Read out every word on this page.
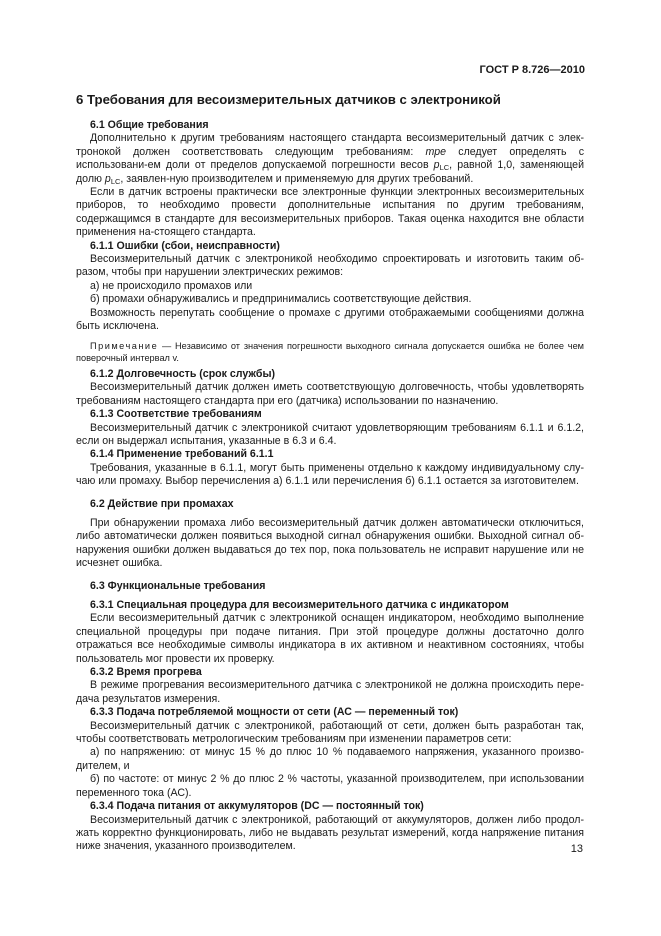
ГОСТ Р 8.726—2010
6 Требования для весоизмерительных датчиков с электроникой
6.1 Общие требования

Дополнительно к другим требованиям настоящего стандарта весоизмерительный датчик с элек-тронокой должен соответствовать следующим требованиям: mpe следует определять с использовани-ем доли от пределов допускаемой погрешности весов $p_{LC}$, равной 1,0, заменяющей долю $p_{LC}$, заявлен-ную производителем и применяемую для других требований.

Если в датчик встроены практически все электронные функции электронных весоизмерительных приборов, то необходимо провести дополнительные испытания по другим требованиям, содержащимся в стандарте для весоизмерительных приборов. Такая оценка находится вне области применения на-стоящего стандарта.

6.1.1 Ошибки (сбои, неисправности)

Весоизмерительный датчик с электроникой необходимо спроектировать и изготовить таким об-разом, чтобы при нарушении электрических режимов:

а) не происходило промахов или

б) промахи обнаруживались и предпринимались соответствующие действия.

Возможность перепутать сообщение о промахе с другими отображаемыми сообщениями должна быть исключена.

Примечание — Независимо от значения погрешности выходного сигнала допускается ошибка не более чем поверочный интервал v.

6.1.2 Долговечность (срок службы)

Весоизмерительный датчик должен иметь соответствующую долговечность, чтобы удовлетворять требованиям настоящего стандарта при его (датчика) использовании по назначению.

6.1.3 Соответствие требованиям

Весоизмерительный датчик с электроникой считают удовлетворяющим требованиям 6.1.1 и 6.1.2, если он выдержал испытания, указанные в 6.3 и 6.4.

6.1.4 Применение требований 6.1.1

Требования, указанные в 6.1.1, могут быть применены отдельно к каждому индивидуальному слу-чаю или промаху. Выбор перечисления а) 6.1.1 или перечисления б) 6.1.1 остается за изготовителем.

6.2 Действие при промахах

При обнаружении промаха либо весоизмерительный датчик должен автоматически отключиться, либо автоматически должен появиться выходной сигнал обнаружения ошибки. Выходной сигнал об-наружения ошибки должен выдаваться до тех пор, пока пользователь не исправит нарушение или не исчезнет ошибка.

6.3 Функциональные требования
6.3.1 Специальная процедура для весоизмерительного датчика с индикатором

Если весоизмерительный датчик с электроникой оснащен индикатором, необходимо выполнение специальной процедуры при подаче питания. При этой процедуре должны достаточно долго отражаться все необходимые символы индикатора в их активном и неактивном состояниях, чтобы пользователь мог провести их проверку.

6.3.2 Время прогрева

В режиме прогревания весоизмерительного датчика с электроникой не должна происходить пере-дача результатов измерения.

6.3.3 Подача потребляемой мощности от сети (АС — переменный ток)

Весоизмерительный датчик с электроникой, работающий от сети, должен быть разработан так, чтобы соответствовать метрологическим требованиям при изменении параметров сети:

а) по напряжению: от минус 15 % до плюс 10 % подаваемого напряжения, указанного произво-дителем, и

б) по частоте: от минус 2 % до плюс 2 % частоты, указанной производителем, при использовании переменного тока (АС).

6.3.4 Подача питания от аккумуляторов (DC — постоянный ток)

Весоизмерительный датчик с электроникой, работающий от аккумуляторов, должен либо продол-жать корректно функционировать, либо не выдавать результат измерений, когда напряжение питания ниже значения, указанного производителем.	13
